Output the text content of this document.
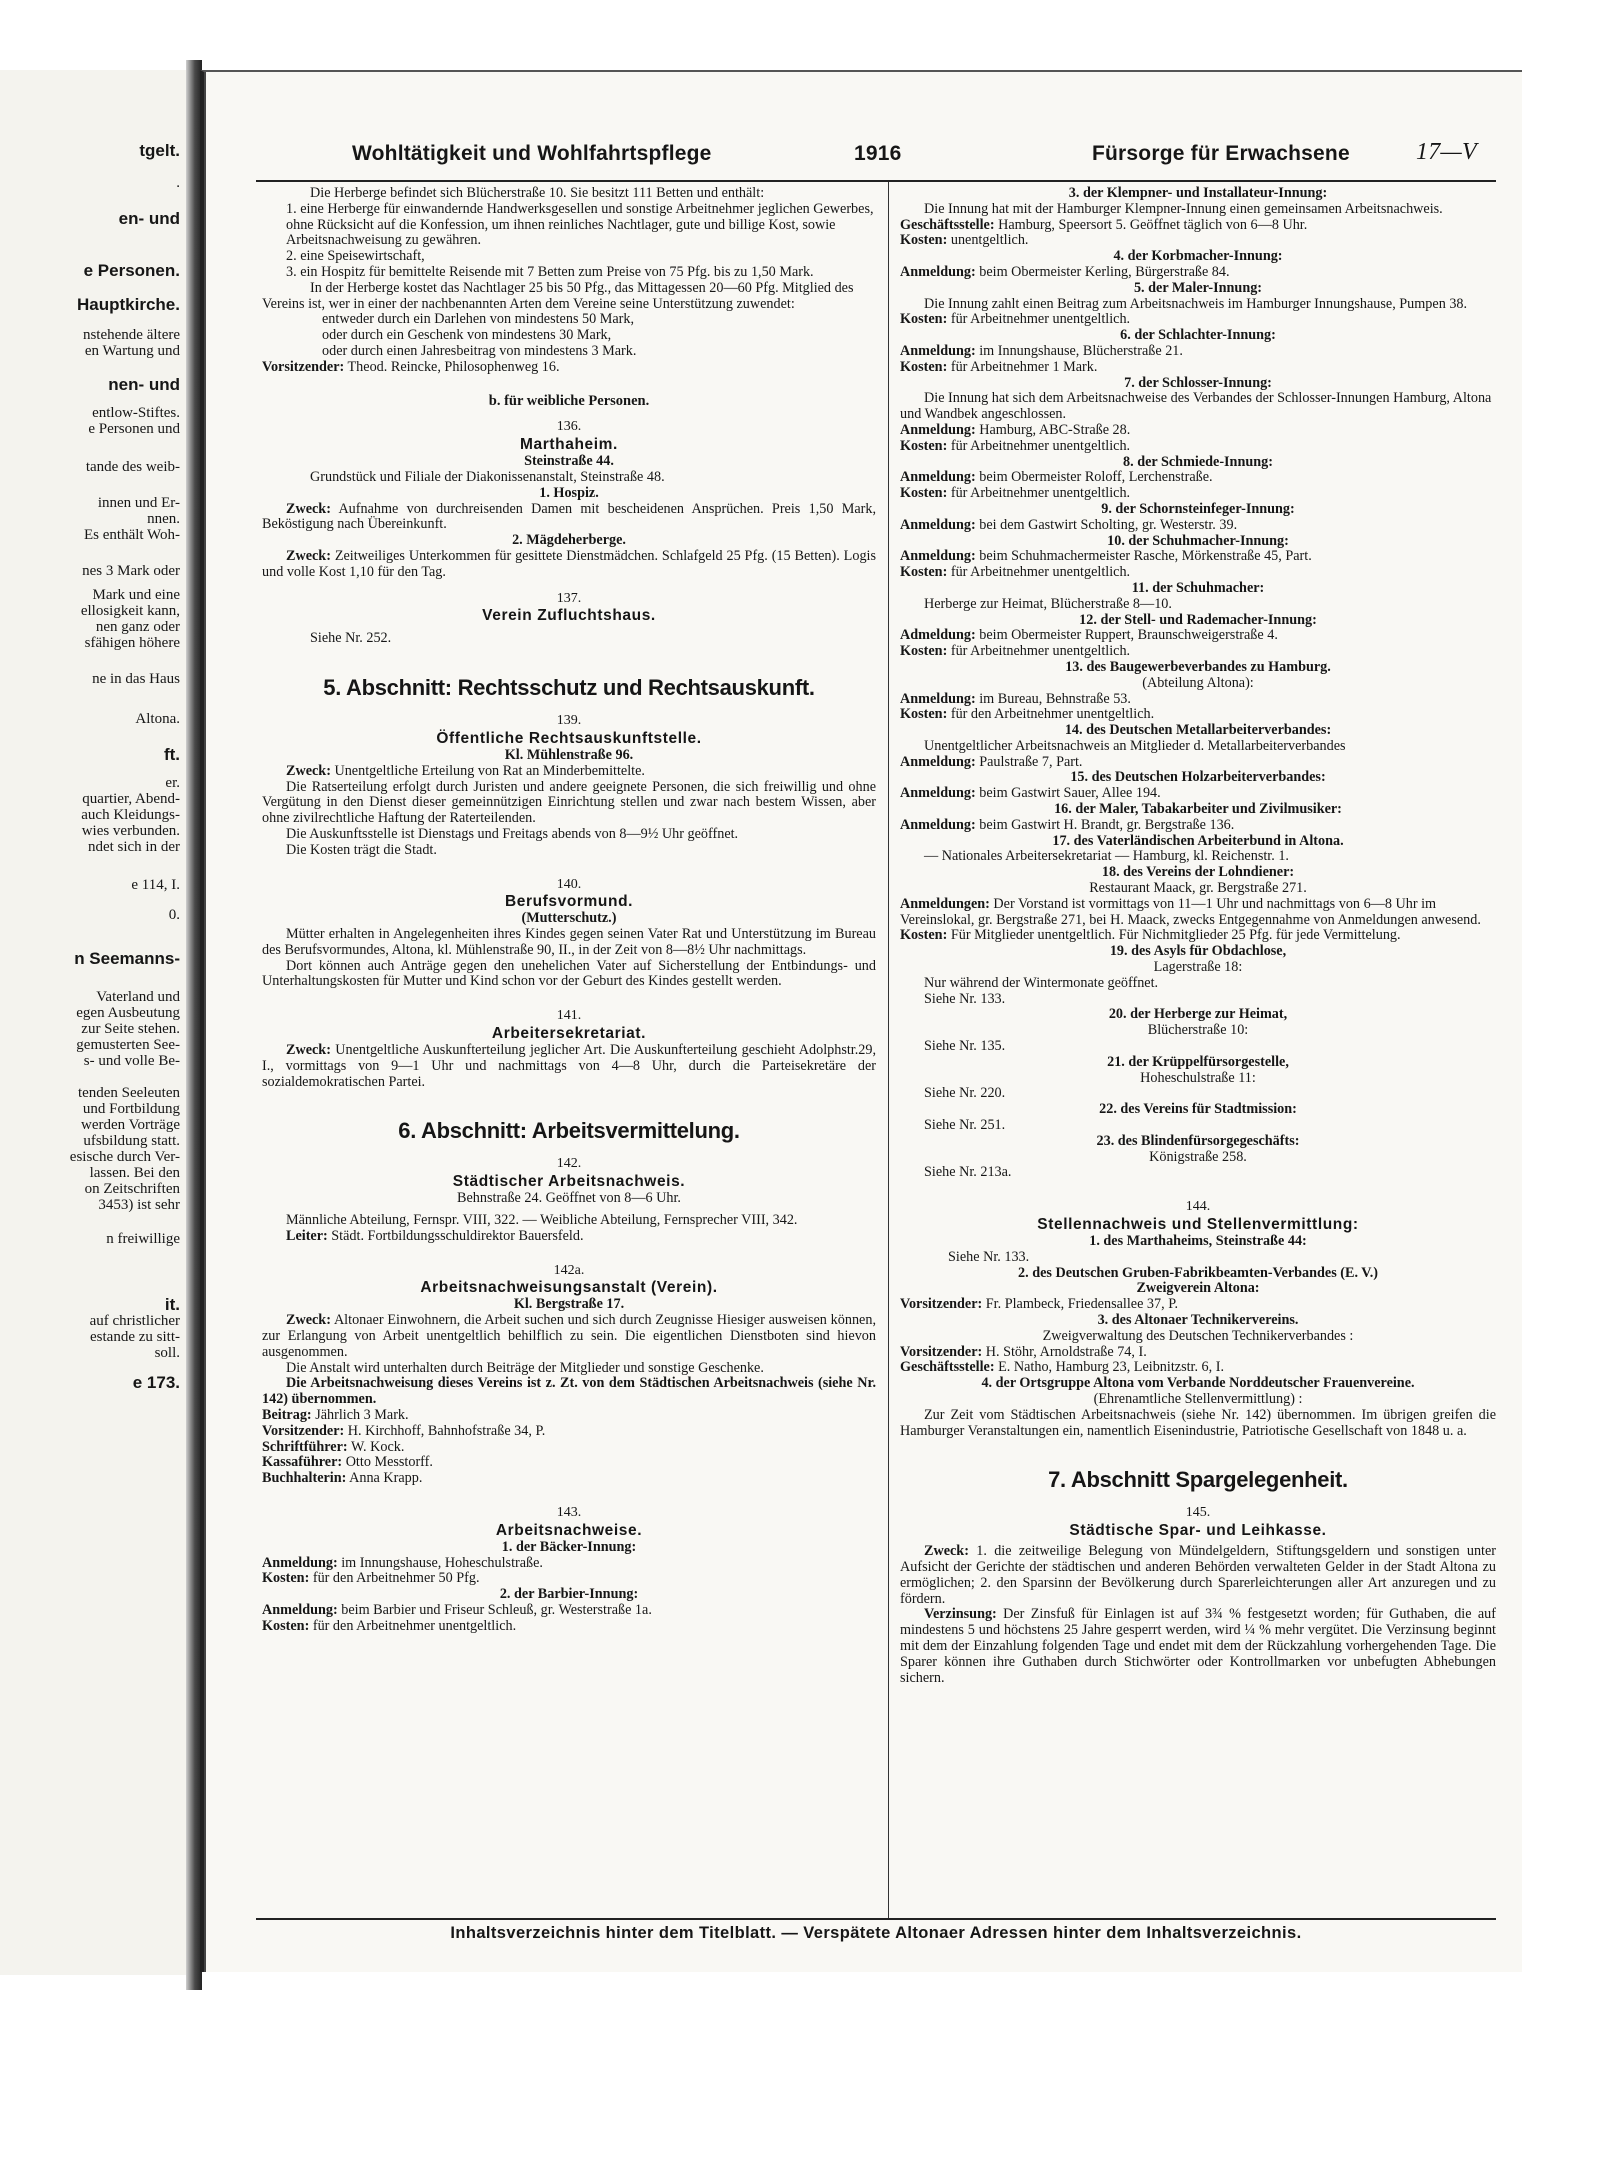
tgelt.
.
en- und
e Personen.
Hauptkirche.
nstehende ältere
en Wartung und
nen- und
entlow-Stiftes.
e Personen und
tande des weib-
innen und Er-
nnen.
Es enthält Woh-
nes 3 Mark oder
Mark und eine
ellosigkeit kann,
nen ganz oder
sfähigen höhere
ne in das Haus
Altona.
ft.
er.
quartier, Abend-
auch Kleidungs-
wies verbunden.
ndet sich in der
e 114, I.
0.
n Seemanns-
Vaterland und
egen Ausbeutung
zur Seite stehen.
gemusterten See-
s- und volle Be-
tenden Seeleuten
und Fortbildung
werden Vorträge
ufsbildung statt.
esische durch Ver-
lassen. Bei den
on Zeitschriften
3453) ist sehr
n freiwillige
it.
auf christlicher
estande zu sitt-
soll.
e 173.
Wohltätigkeit und Wohlfahrtspflege	1916	Fürsorge für Erwachsene	17—V

Die Herberge befindet sich Blücherstraße 10. Sie besitzt 111 Betten und enthält:

1. eine Herberge für einwandernde Handwerksgesellen und sonstige Arbeitnehmer jeglichen Gewerbes, ohne Rücksicht auf die Konfession, um ihnen reinliches Nachtlager, gute und billige Kost, sowie Arbeitsnachweisung zu gewähren.

2. eine Speisewirtschaft,

3. ein Hospitz für bemittelte Reisende mit 7 Betten zum Preise von 75 Pfg. bis zu 1,50 Mark.

In der Herberge kostet das Nachtlager 25 bis 50 Pfg., das Mittagessen 20—60 Pfg. Mitglied des Vereins ist, wer in einer der nachbenannten Arten dem Vereine seine Unterstützung zuwendet:

entweder durch ein Darlehen von mindestens 50 Mark,

oder durch ein Geschenk von mindestens 30 Mark,

oder durch einen Jahresbeitrag von mindestens 3 Mark.

Vorsitzender: Theod. Reincke, Philosophenweg 16.

b. für weibliche Personen.

136.

Marthaheim.

Steinstraße 44.

Grundstück und Filiale der Diakonissenanstalt, Steinstraße 48.

1. Hospiz.

Zweck: Aufnahme von durchreisenden Damen mit bescheidenen Ansprüchen. Preis 1,50 Mark, Beköstigung nach Übereinkunft.

2. Mägdeherberge.

Zweck: Zeitweiliges Unterkommen für gesittete Dienstmädchen. Schlafgeld 25 Pfg. (15 Betten). Logis und volle Kost 1,10 für den Tag.

137.

Verein Zufluchtshaus.

Siehe Nr. 252.

5. Abschnitt: Rechtsschutz und Rechtsauskunft.

139.

Öffentliche Rechtsauskunftstelle.

Kl. Mühlenstraße 96.

Zweck: Unentgeltliche Erteilung von Rat an Minderbemittelte.

Die Ratserteilung erfolgt durch Juristen und andere geeignete Personen, die sich freiwillig und ohne Vergütung in den Dienst dieser gemeinnützigen Einrichtung stellen und zwar nach bestem Wissen, aber ohne zivilrechtliche Haftung der Raterteilenden.

Die Auskunftsstelle ist Dienstags und Freitags abends von 8—9½ Uhr geöffnet.

Die Kosten trägt die Stadt.

140.

Berufsvormund.

(Mutterschutz.)

Mütter erhalten in Angelegenheiten ihres Kindes gegen seinen Vater Rat und Unterstützung im Bureau des Berufsvormundes, Altona, kl. Mühlenstraße 90, II., in der Zeit von 8—8½ Uhr nachmittags.

Dort können auch Anträge gegen den unehelichen Vater auf Sicherstellung der Entbindungs- und Unterhaltungskosten für Mutter und Kind schon vor der Geburt des Kindes gestellt werden.

141.

Arbeitersekretariat.

Zweck: Unentgeltliche Auskunfterteilung jeglicher Art. Die Auskunfterteilung geschieht Adolphstr.29, I., vormittags von 9—1 Uhr und nachmittags von 4—8 Uhr, durch die Parteisekretäre der sozialdemokratischen Partei.

6. Abschnitt: Arbeitsvermittelung.

142.

Städtischer Arbeitsnachweis.

Behnstraße 24. Geöffnet von 8—6 Uhr.

Männliche Abteilung, Fernspr. VIII, 322. — Weibliche Abteilung, Fernsprecher VIII, 342.

Leiter: Städt. Fortbildungsschuldirektor Bauersfeld.

142a.

Arbeitsnachweisungsanstalt (Verein).

Kl. Bergstraße 17.

Zweck: Altonaer Einwohnern, die Arbeit suchen und sich durch Zeugnisse Hiesiger ausweisen können, zur Erlangung von Arbeit unentgeltlich behilflich zu sein. Die eigentlichen Dienstboten sind hievon ausgenommen.

Die Anstalt wird unterhalten durch Beiträge der Mitglieder und sonstige Geschenke.

Die Arbeitsnachweisung dieses Vereins ist z. Zt. von dem Städtischen Arbeitsnachweis (siehe Nr. 142) übernommen.

Beitrag: Jährlich 3 Mark.

Vorsitzender: H. Kirchhoff, Bahnhofstraße 34, P.

Schriftführer: W. Kock.

Kassaführer: Otto Messtorff.

Buchhalterin: Anna Krapp.

143.

Arbeitsnachweise.

1. der Bäcker-Innung:

Anmeldung: im Innungshause, Hoheschulstraße.

Kosten: für den Arbeitnehmer 50 Pfg.

2. der Barbier-Innung:

Anmeldung: beim Barbier und Friseur Schleuß, gr. Westerstraße 1a.

Kosten: für den Arbeitnehmer unentgeltlich.

3. der Klempner- und Installateur-Innung:

Die Innung hat mit der Hamburger Klempner-Innung einen gemeinsamen Arbeitsnachweis.

Geschäftsstelle: Hamburg, Speersort 5. Geöffnet täglich von 6—8 Uhr.

Kosten: unentgeltlich.

4. der Korbmacher-Innung:

Anmeldung: beim Obermeister Kerling, Bürgerstraße 84.

5. der Maler-Innung:

Die Innung zahlt einen Beitrag zum Arbeitsnachweis im Hamburger Innungshause, Pumpen 38.

Kosten: für Arbeitnehmer unentgeltlich.

6. der Schlachter-Innung:

Anmeldung: im Innungshause, Blücherstraße 21.

Kosten: für Arbeitnehmer 1 Mark.

7. der Schlosser-Innung:

Die Innung hat sich dem Arbeitsnachweise des Verbandes der Schlosser-Innungen Hamburg, Altona und Wandbek angeschlossen.

Anmeldung: Hamburg, ABC-Straße 28.

Kosten: für Arbeitnehmer unentgeltlich.

8. der Schmiede-Innung:

Anmeldung: beim Obermeister Roloff, Lerchenstraße.

Kosten: für Arbeitnehmer unentgeltlich.

9. der Schornsteinfeger-Innung:

Anmeldung: bei dem Gastwirt Scholting, gr. Westerstr. 39.

10. der Schuhmacher-Innung:

Anmeldung: beim Schuhmachermeister Rasche, Mörkenstraße 45, Part.

Kosten: für Arbeitnehmer unentgeltlich.

11. der Schuhmacher:

Herberge zur Heimat, Blücherstraße 8—10.

12. der Stell- und Rademacher-Innung:

Admeldung: beim Obermeister Ruppert, Braunschweigerstraße 4.

Kosten: für Arbeitnehmer unentgeltlich.

13. des Baugewerbeverbandes zu Hamburg.

(Abteilung Altona):

Anmeldung: im Bureau, Behnstraße 53.

Kosten: für den Arbeitnehmer unentgeltlich.

14. des Deutschen Metallarbeiterverbandes:

Unentgeltlicher Arbeitsnachweis an Mitglieder d. Metallarbeiterverbandes

Anmeldung: Paulstraße 7, Part.

15. des Deutschen Holzarbeiterverbandes:

Anmeldung: beim Gastwirt Sauer, Allee 194.

16. der Maler, Tabakarbeiter und Zivilmusiker:

Anmeldung: beim Gastwirt H. Brandt, gr. Bergstraße 136.

17. des Vaterländischen Arbeiterbund in Altona.

— Nationales Arbeitersekretariat — Hamburg, kl. Reichenstr. 1.

18. des Vereins der Lohndiener:

Restaurant Maack, gr. Bergstraße 271.

Anmeldungen: Der Vorstand ist vormittags von 11—1 Uhr und nachmittags von 6—8 Uhr im Vereinslokal, gr. Bergstraße 271, bei H. Maack, zwecks Entgegennahme von Anmeldungen anwesend.

Kosten: Für Mitglieder unentgeltlich. Für Nichmitglieder 25 Pfg. für jede Vermittelung.

19. des Asyls für Obdachlose,

Lagerstraße 18:

Nur während der Wintermonate geöffnet.

Siehe Nr. 133.

20. der Herberge zur Heimat,

Blücherstraße 10:

Siehe Nr. 135.

21. der Krüppelfürsorgestelle,

Hoheschulstraße 11:

Siehe Nr. 220.

22. des Vereins für Stadtmission:

Siehe Nr. 251.

23. des Blindenfürsorgegeschäfts:

Königstraße 258.

Siehe Nr. 213a.

144.

Stellennachweis und Stellenvermittlung:

1. des Marthaheims, Steinstraße 44:

Siehe Nr. 133.

2. des Deutschen Gruben-Fabrikbeamten-Verbandes (E. V.)

Zweigverein Altona:

Vorsitzender: Fr. Plambeck, Friedensallee 37, P.

3. des Altonaer Technikervereins.

Zweigverwaltung des Deutschen Technikerverbandes :

Vorsitzender: H. Stöhr, Arnoldstraße 74, I.

Geschäftsstelle: E. Natho, Hamburg 23, Leibnitzstr. 6, I.

4. der Ortsgruppe Altona vom Verbande Norddeutscher Frauenvereine.

(Ehrenamtliche Stellenvermittlung) :

Zur Zeit vom Städtischen Arbeitsnachweis (siehe Nr. 142) übernommen. Im übrigen greifen die Hamburger Veranstaltungen ein, namentlich Eisenindustrie, Patriotische Gesellschaft von 1848 u. a.

7. Abschnitt Spargelegenheit.

145.

Städtische Spar- und Leihkasse.

Zweck: 1. die zeitweilige Belegung von Mündelgeldern, Stiftungsgeldern und sonstigen unter Aufsicht der Gerichte der städtischen und anderen Behörden verwalteten Gelder in der Stadt Altona zu ermöglichen; 2. den Sparsinn der Bevölkerung durch Sparerleichterungen aller Art anzuregen und zu fördern.

Verzinsung: Der Zinsfuß für Einlagen ist auf 3¾ % festgesetzt worden; für Guthaben, die auf mindestens 5 und höchstens 25 Jahre gesperrt werden, wird ¼ % mehr vergütet. Die Verzinsung beginnt mit dem der Einzahlung folgenden Tage und endet mit dem der Rückzahlung vorhergehenden Tage. Die Sparer können ihre Guthaben durch Stichwörter oder Kontrollmarken vor unbefugten Abhebungen sichern.

Inhaltsverzeichnis hinter dem Titelblatt. — Verspätete Altonaer Adressen hinter dem Inhaltsverzeichnis.
